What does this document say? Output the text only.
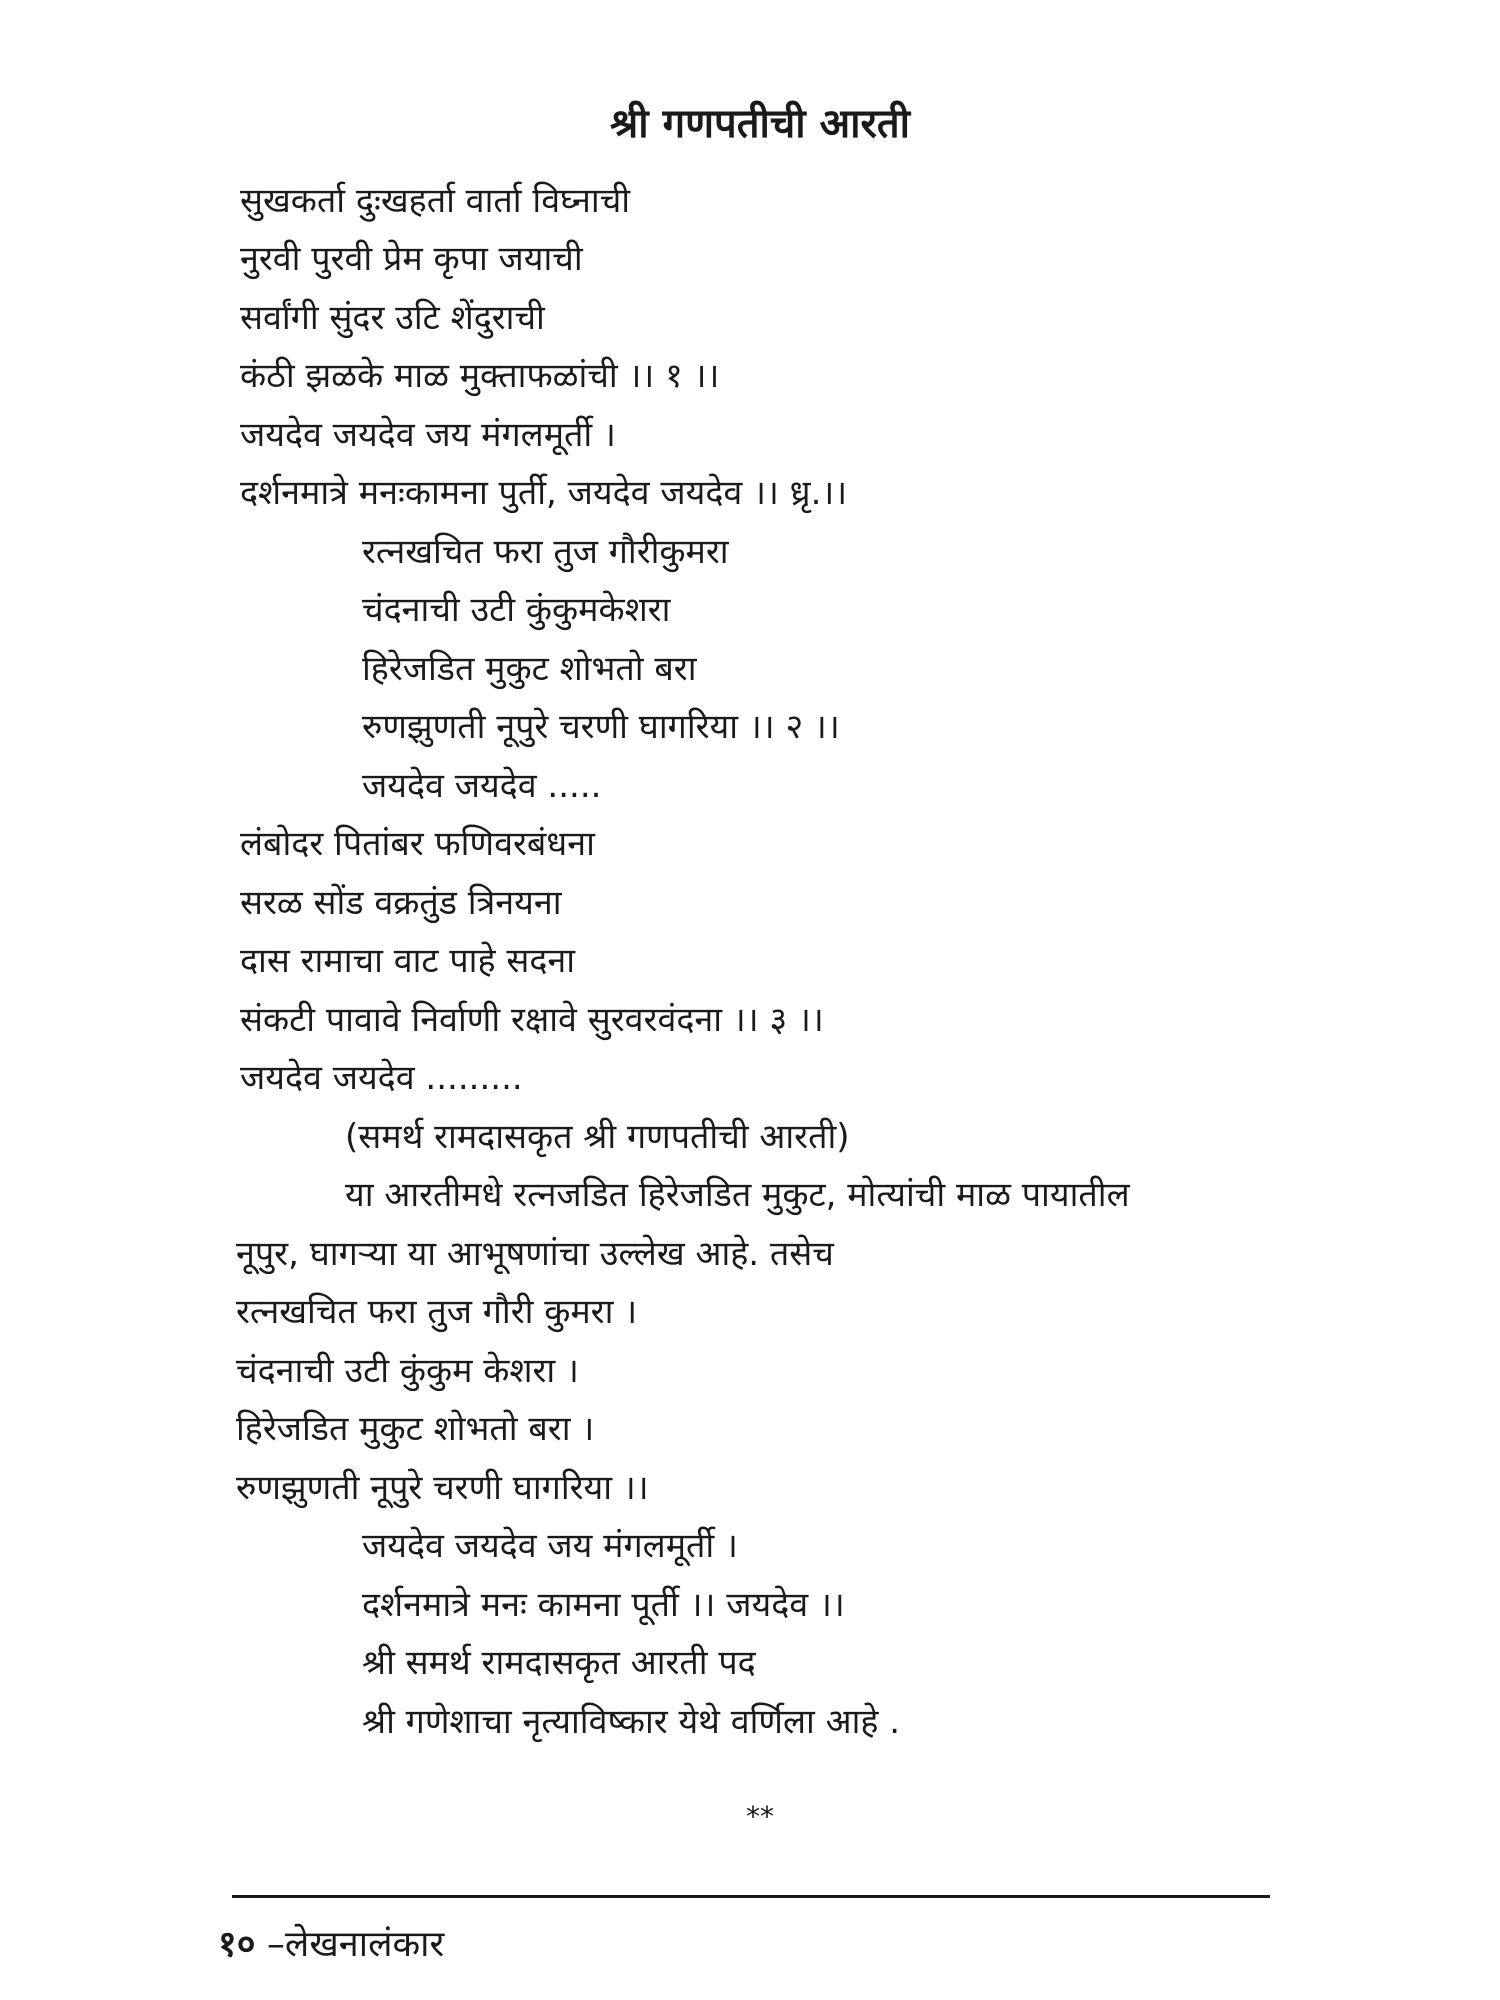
श्री गणपतीची आरती
सुखकर्ता दुःखहर्ता वार्ता विघ्नाची
नुरवी पुरवी प्रेम कृपा जयाची
सर्वांगी सुंदर उटि शेंदुराची
कंठी झळके माळ मुक्ताफळांची ।। १ ।।
जयदेव जयदेव जय मंगलमूर्ती ।
दर्शनमात्रे मनःकामना पुर्ती, जयदेव जयदेव ।। ध्रृ.।।
रत्नखचित फरा तुज गौरीकुमरा
चंदनाची उटी कुंकुमकेशरा
हिरेजडित मुकुट शोभतो बरा
रुणझुणती नूपुरे चरणी घागरिया ।। २ ।।
जयदेव जयदेव .....
लंबोदर पितांबर फणिवरबंधना
सरळ सोंड वक्रतुंड त्रिनयना
दास रामाचा वाट पाहे सदना
संकटी पावावे निर्वाणी रक्षावे सुरवरवंदना ।। ३ ।।
जयदेव जयदेव .........
(समर्थ रामदासकृत श्री गणपतीची आरती)
या आरतीमधे रत्नजडित हिरेजडित मुकुट, मोत्यांची माळ पायातील
नूपुर, घागऱ्या या आभूषणांचा उल्लेख आहे. तसेच
रत्नखचित फरा तुज गौरी कुमरा ।
चंदनाची उटी कुंकुम केशरा ।
हिरेजडित मुकुट शोभतो बरा ।
रुणझुणती नूपुरे चरणी घागरिया ।।
जयदेव जयदेव जय मंगलमूर्ती ।
दर्शनमात्रे मनः कामना पूर्ती ।। जयदेव ।।
श्री समर्थ रामदासकृत आरती पद
श्री गणेशाचा नृत्याविष्कार येथे वर्णिला आहे .
**
१० –लेखनालंकार
